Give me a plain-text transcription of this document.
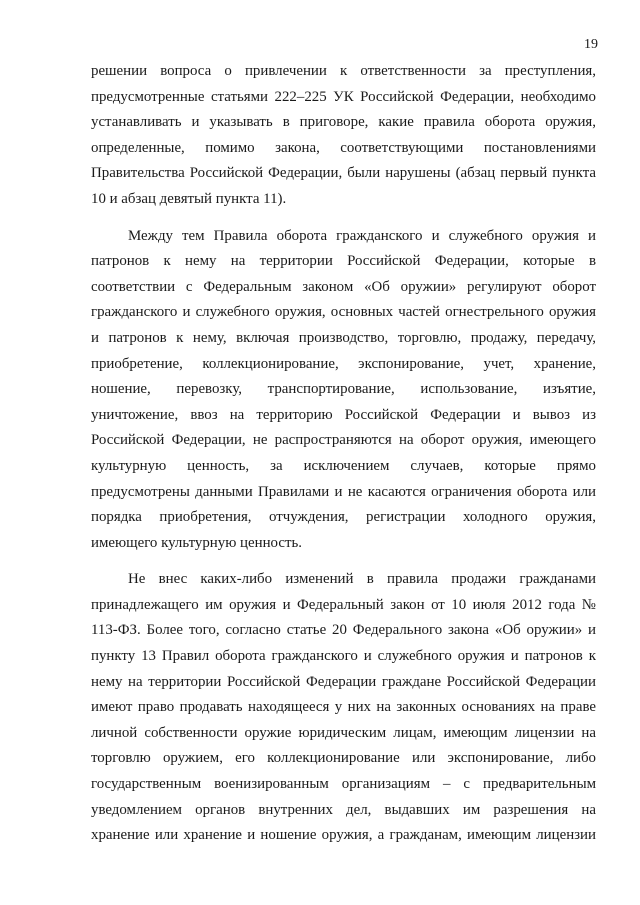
19
решении вопроса о привлечении к ответственности за преступления,
предусмотренные статьями 222–225 УК Российской Федерации, необходимо
устанавливать и указывать в приговоре, какие правила оборота оружия,
определенные, помимо закона, соответствующими постановлениями
Правительства Российской Федерации, были нарушены (абзац первый пункта
10 и абзац девятый пункта 11).
Между тем Правила оборота гражданского и служебного оружия и
патронов к нему на территории Российской Федерации, которые в
соответствии с Федеральным законом «Об оружии» регулируют оборот
гражданского и служебного оружия, основных частей огнестрельного оружия
и патронов к нему, включая производство, торговлю, продажу, передачу,
приобретение, коллекционирование, экспонирование, учет, хранение,
ношение, перевозку, транспортирование, использование, изъятие,
уничтожение, ввоз на территорию Российской Федерации и вывоз из
Российской Федерации, не распространяются на оборот оружия, имеющего
культурную ценность, за исключением случаев, которые прямо
предусмотрены данными Правилами и не касаются ограничения оборота или
порядка приобретения, отчуждения, регистрации холодного оружия,
имеющего культурную ценность.
Не внес каких-либо изменений в правила продажи гражданами
принадлежащего им оружия и Федеральный закон от 10 июля 2012 года №
113-ФЗ. Более того, согласно статье 20 Федерального закона «Об оружии» и
пункту 13 Правил оборота гражданского и служебного оружия и патронов к
нему на территории Российской Федерации граждане Российской Федерации
имеют право продавать находящееся у них на законных основаниях на праве
личной собственности оружие юридическим лицам, имеющим лицензии на
торговлю оружием, его коллекционирование или экспонирование, либо
государственным военизированным организациям – с предварительным
уведомлением органов внутренних дел, выдавших им разрешения на
хранение или хранение и ношение оружия, а гражданам, имеющим лицензии
